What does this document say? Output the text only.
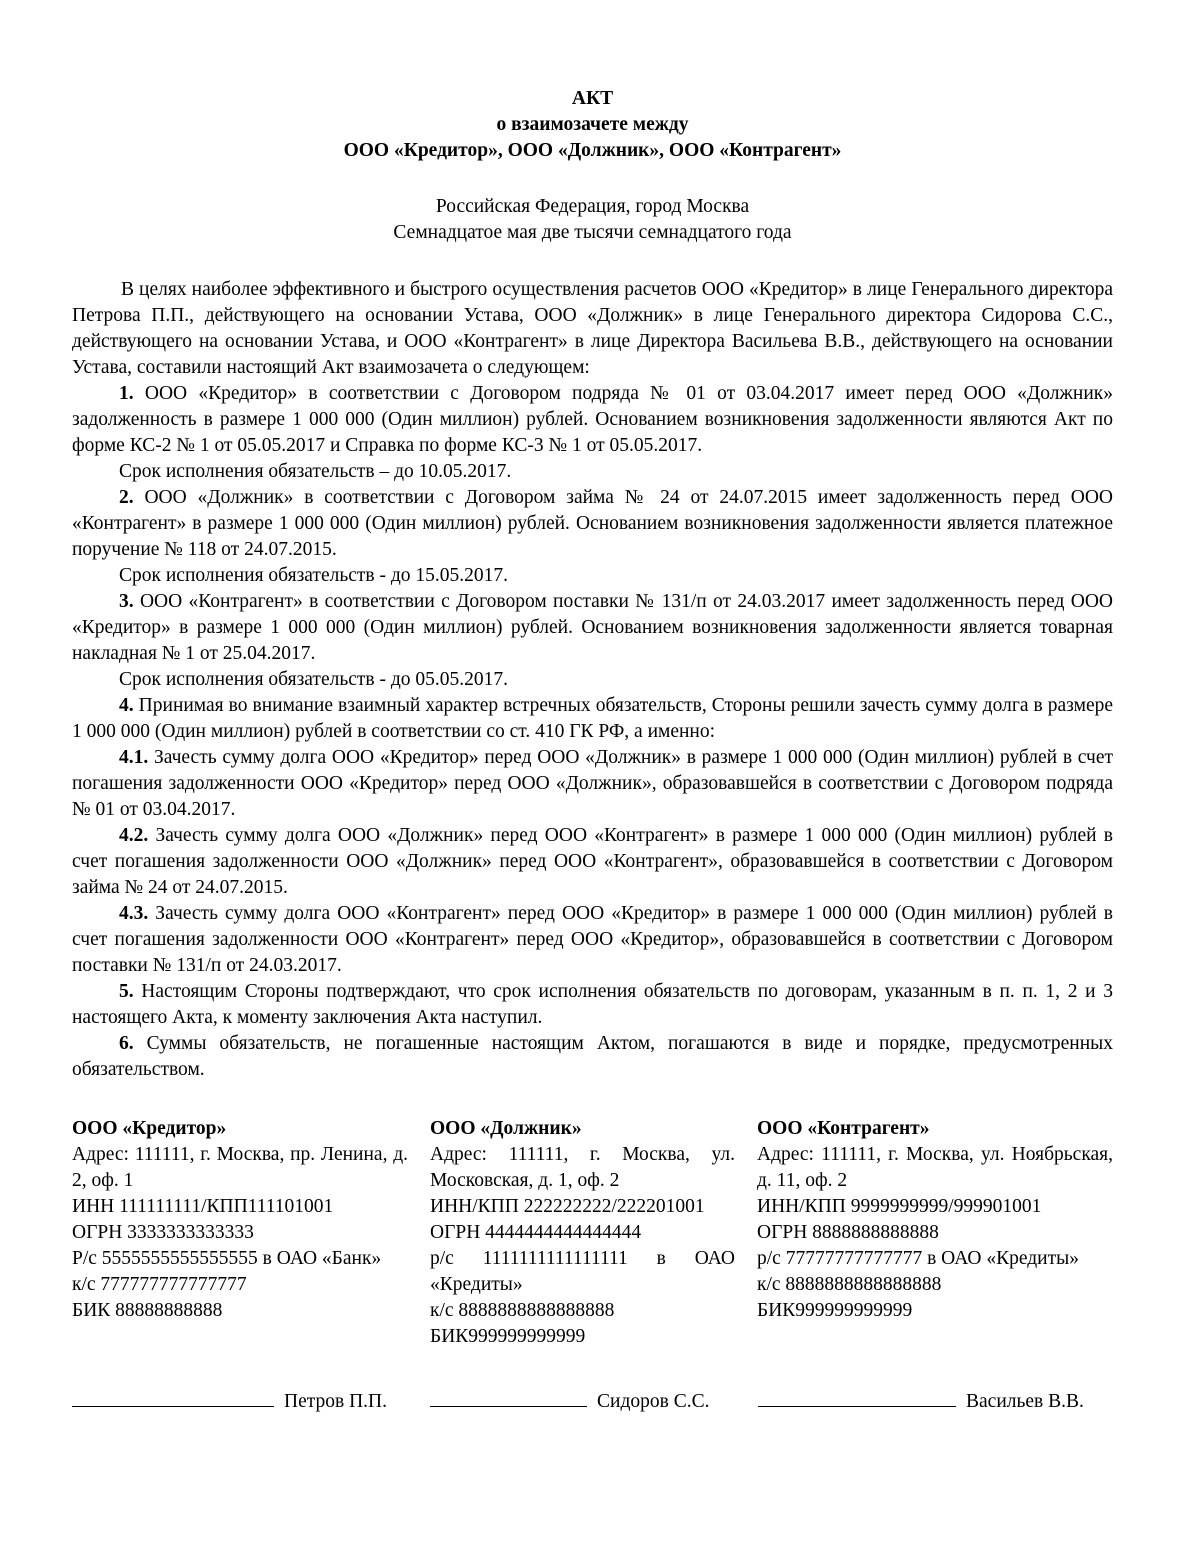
АКТ
о взаимозачете между
ООО «Кредитор», ООО «Должник», ООО «Контрагент»
Российская Федерация, город Москва
Семнадцатое мая две тысячи семнадцатого года

В целях наиболее эффективного и быстрого осуществления расчетов ООО «Кредитор» в лице Генерального директора Петрова П.П., действующего на основании Устава, ООО «Должник» в лице Генерального директора Сидорова С.С., действующего на основании Устава, и ООО «Контрагент» в лице Директора Васильева В.В., действующего на основании Устава, составили настоящий Акт взаимозачета о следующем:

1. ООО «Кредитор» в соответствии с Договором подряда № 01 от 03.04.2017 имеет перед ООО «Должник» задолженность в размере 1 000 000 (Один миллион) рублей. Основанием возникновения задолженности являются Акт по форме КС-2 № 1 от 05.05.2017 и Справка по форме КС-3 № 1 от 05.05.2017.

Срок исполнения обязательств – до 10.05.2017.

2. ООО «Должник» в соответствии с Договором займа № 24 от 24.07.2015 имеет задолженность перед ООО «Контрагент» в размере 1 000 000 (Один миллион) рублей. Основанием возникновения задолженности является платежное поручение № 118 от 24.07.2015.

Срок исполнения обязательств - до 15.05.2017.

3. ООО «Контрагент» в соответствии с Договором поставки № 131/п от 24.03.2017 имеет задолженность перед ООО «Кредитор» в размере 1 000 000 (Один миллион) рублей. Основанием возникновения задолженности является товарная накладная № 1 от 25.04.2017.

Срок исполнения обязательств - до 05.05.2017.

4. Принимая во внимание взаимный характер встречных обязательств, Стороны решили зачесть сумму долга в размере 1 000 000 (Один миллион) рублей в соответствии со ст. 410 ГК РФ, а именно:

4.1. Зачесть сумму долга ООО «Кредитор» перед ООО «Должник» в размере 1 000 000 (Один миллион) рублей в счет погашения задолженности ООО «Кредитор» перед ООО «Должник», образовавшейся в соответствии с Договором подряда № 01 от 03.04.2017.

4.2. Зачесть сумму долга ООО «Должник» перед ООО «Контрагент» в размере 1 000 000 (Один миллион) рублей в счет погашения задолженности ООО «Должник» перед ООО «Контрагент», образовавшейся в соответствии с Договором займа № 24 от 24.07.2015.

4.3. Зачесть сумму долга ООО «Контрагент» перед ООО «Кредитор» в размере 1 000 000 (Один миллион) рублей в счет погашения задолженности ООО «Контрагент» перед ООО «Кредитор», образовавшейся в соответствии с Договором поставки № 131/п от 24.03.2017.

5. Настоящим Стороны подтверждают, что срок исполнения обязательств по договорам, указанным в п. п. 1, 2 и 3 настоящего Акта, к моменту заключения Акта наступил.

6. Суммы обязательств, не погашенные настоящим Актом, погашаются в виде и порядке, предусмотренных обязательством.

ООО «Кредитор»
Адрес: 111111, г. Москва, пр. Ленина, д. 2, оф. 1
ИНН 111111111/КПП111101001
ОГРН 3333333333333
Р/с 5555555555555555 в ОАО «Банк»
к/с 777777777777777
БИК 88888888888
ООО «Должник»
Адрес: 111111, г. Москва, ул. Московская, д. 1, оф. 2
ИНН/КПП 222222222/222201001
ОГРН 4444444444444444
р/с 1111111111111111 в ОАО «Кредиты»
к/с 8888888888888888
БИК999999999999
ООО «Контрагент»
Адрес: 111111, г. Москва, ул. Ноябрьская, д. 11, оф. 2
ИНН/КПП 9999999999/999901001
ОГРН 8888888888888
р/с 77777777777777 в ОАО «Кредиты»
к/с 8888888888888888
БИК999999999999
Петров П.П.	Сидоров С.С.	Васильев В.В.
